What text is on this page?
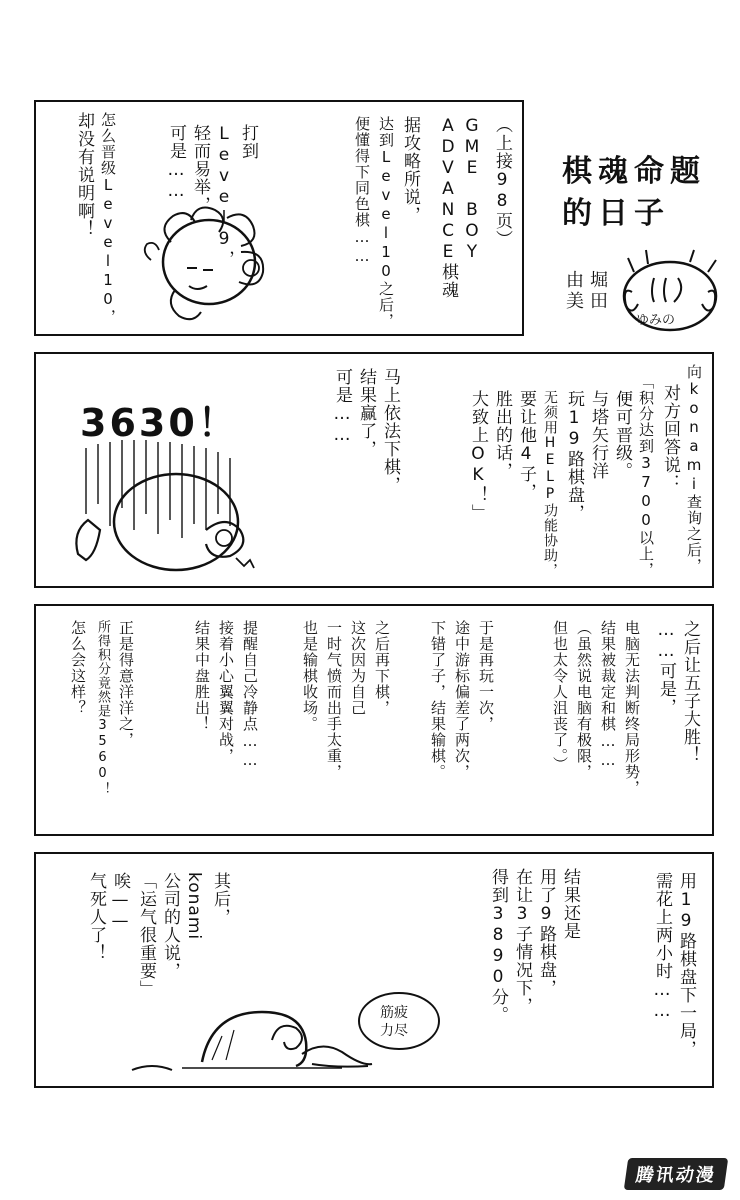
（上接98页）
GME BOY
ADVANCE棋魂
据攻略所说，
达到Level10之后，
便懂得下同色棋……
打到
Level9，
轻而易举，
可是……
怎么晋级Level10，
却没有说明啊！	棋魂命题
的日子
堀田
由美
ゆみの
向konami查询之后，
对方回答说：
「积分达到3700以上，
便可晋级。
与塔矢行洋
玩19路棋盘，
无须用HELP功能协助，
要让他4子，
胜出的话，
大致上OK！」
马上依法下棋，
结果赢了，
可是……
3630！
之后让五子大胜！
……可是，
电脑无法判断终局形势，
结果被裁定和棋……
（虽然说电脑有极限，
但也太令人沮丧了。）
于是再玩一次，
途中游标偏差了两次，
下错了子，结果输棋。
之后再下棋，
这次因为自己
一时气愤而出手太重，
也是输棋收场。
提醒自己冷静点……
接着小心翼翼对战，
结果中盘胜出！
正是得意洋洋之，
所得积分竟然是3560！
怎么会这样？
用19路棋盘下一局，
需花上两小时……
结果还是
用了9路棋盘，
在让3子情况下，
得到3890分。
其后，
konami
公司的人说，
「运气很重要」
唉——
气死人了！
筋疲
力尽
腾讯动漫
